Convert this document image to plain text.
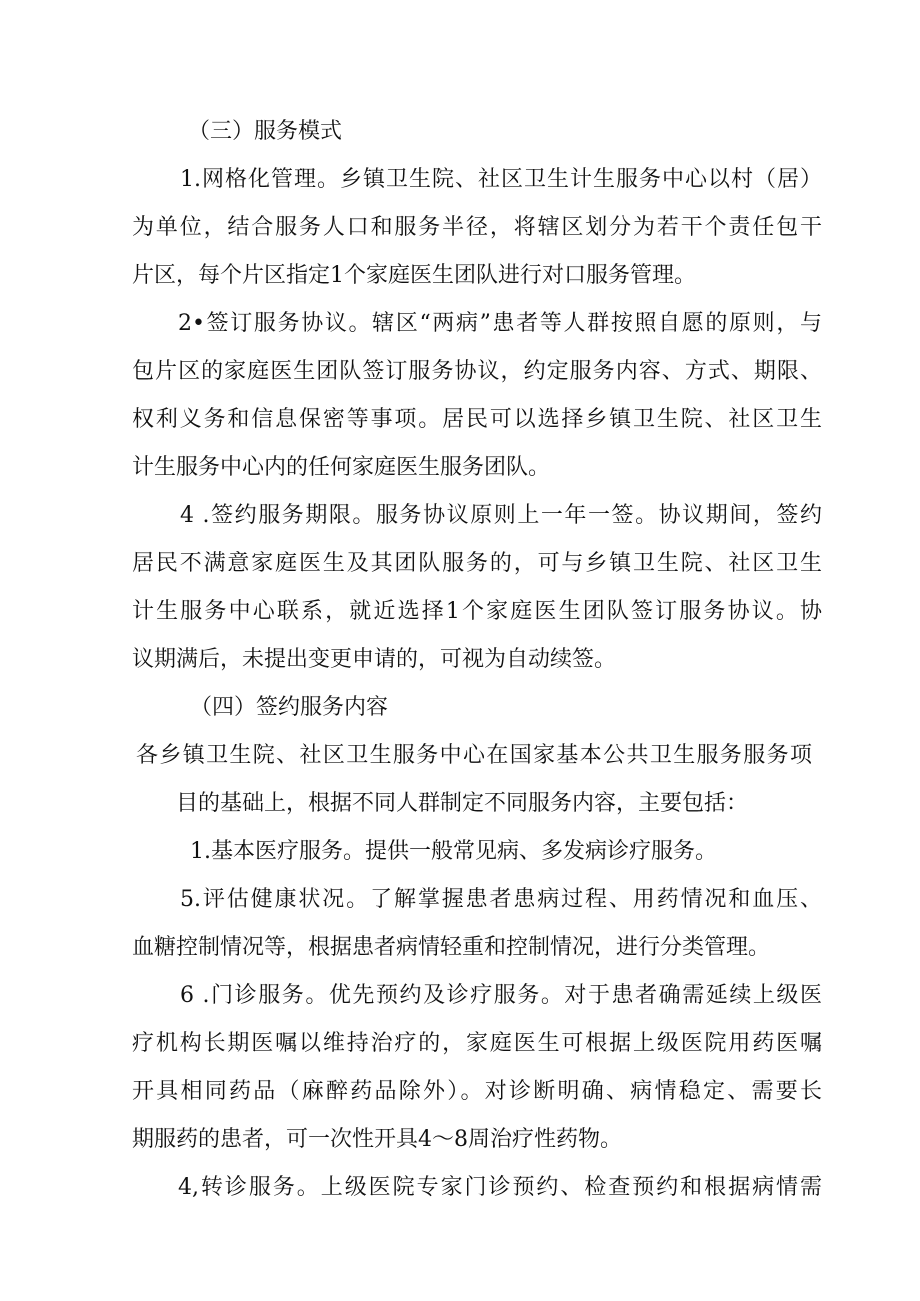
（三）服务模式
1.网格化管理。乡镇卫生院、社区卫生计生服务中心以村（居）
为单位，结合服务人口和服务半径，将辖区划分为若干个责任包干
片区，每个片区指定1个家庭医生团队进行对口服务管理。
2•签订服务协议。辖区“两病”患者等人群按照自愿的原则，与
包片区的家庭医生团队签订服务协议，约定服务内容、方式、期限、
权利义务和信息保密等事项。居民可以选择乡镇卫生院、社区卫生
计生服务中心内的任何家庭医生服务团队。
4 .签约服务期限。服务协议原则上一年一签。协议期间，签约
居民不满意家庭医生及其团队服务的，可与乡镇卫生院、社区卫生
计生服务中心联系，就近选择1个家庭医生团队签订服务协议。协
议期满后，未提出变更申请的，可视为自动续签。
（四）签约服务内容
各乡镇卫生院、社区卫生服务中心在国家基本公共卫生服务服务项
目的基础上，根据不同人群制定不同服务内容，主要包括：
1.基本医疗服务。提供一般常见病、多发病诊疗服务。
5.评估健康状况。了解掌握患者患病过程、用药情况和血压、
血糖控制情况等，根据患者病情轻重和控制情况，进行分类管理。
6 .门诊服务。优先预约及诊疗服务。对于患者确需延续上级医
疗机构长期医嘱以维持治疗的，家庭医生可根据上级医院用药医嘱
开具相同药品（麻醉药品除外）。对诊断明确、病情稳定、需要长
期服药的患者，可一次性开具4〜8周治疗性药物。
4,转诊服务。上级医院专家门诊预约、检查预约和根据病情需
